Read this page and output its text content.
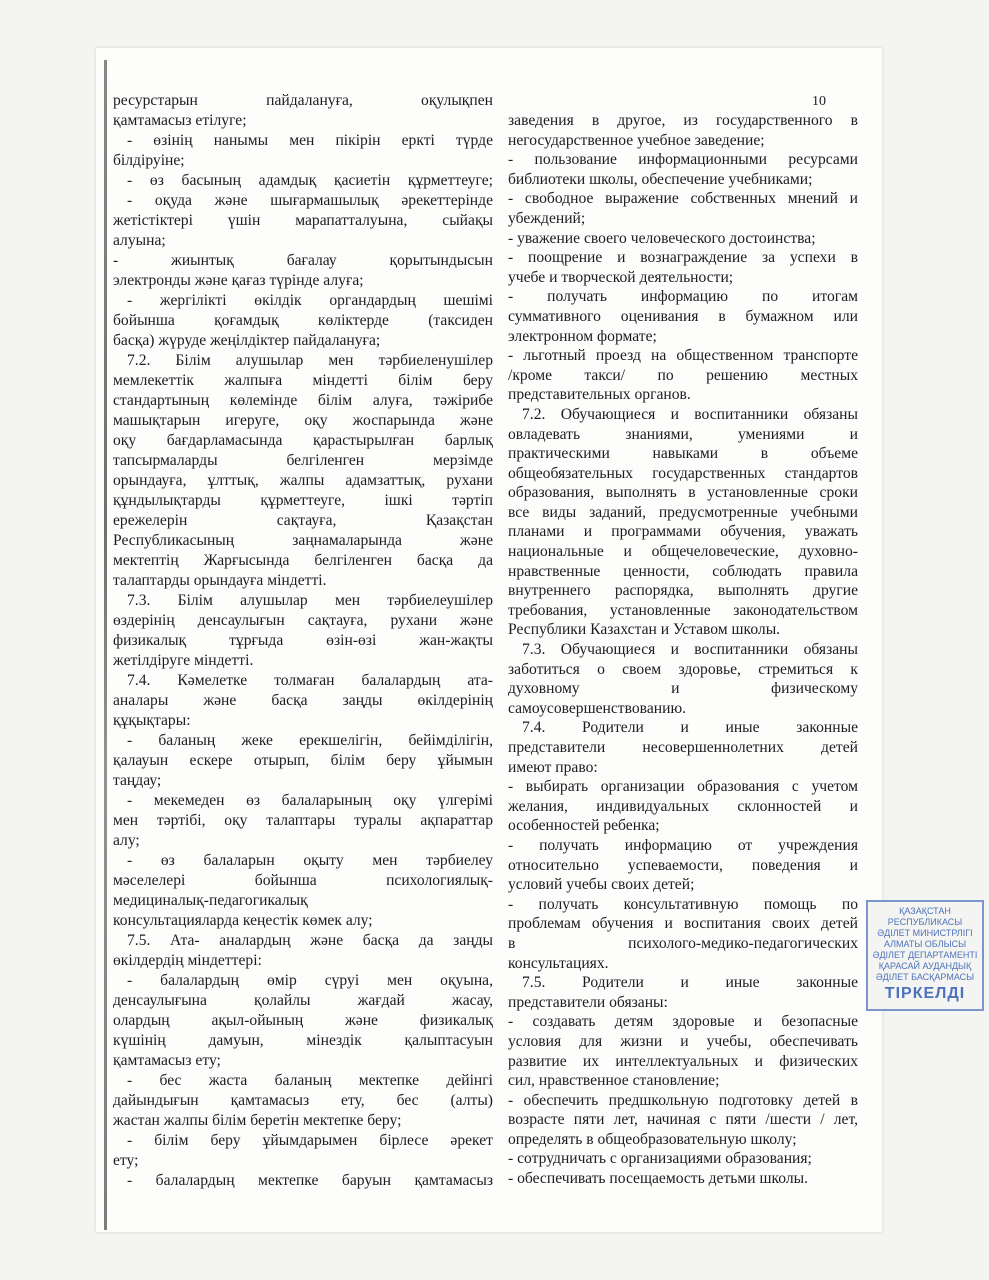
10
ресурстарын пайдалануға, оқулықпен
қамтамасыз етілуге;
- өзінің нанымы мен пікірін еркті түрде
білдіруіне;
- өз басының адамдық қасиетін құрметтеуге;
- оқуда және шығармашылық әрекеттерінде
жетістіктері үшін марапатталуына, сыйақы
алуына;
- жиынтық бағалау қорытындысын
электронды және қағаз түрінде алуға;
- жергілікті өкілдік органдардың шешімі
бойынша қоғамдық көліктерде (таксиден
басқа) жүруде жеңілдіктер пайдалануға;
7.2. Білім алушылар мен тәрбиеленушілер
мемлекеттік жалпыға міндетті білім беру
стандартының көлемінде білім алуға, тәжірибе
машықтарын игеруге, оқу жоспарында және
оқу бағдарламасында қарастырылған барлық
тапсырмаларды белгіленген мерзімде
орындауға, ұлттық, жалпы адамзаттық, рухани
құндылықтарды құрметтеуге, ішкі тәртіп
ережелерін сақтауға, Қазақстан
Республикасының заңнамаларында және
мектептің Жарғысында белгіленген басқа да
талаптарды орындауға міндетті.
7.3. Білім алушылар мен тәрбиелеушілер
өздерінің денсаулығын сақтауға, рухани және
физикалық тұрғыда өзін-өзі жан-жақты
жетілдіруге міндетті.
7.4. Кәмелетке толмаған балалардың ата-
аналары және басқа заңды өкілдерінің
құқықтары:
- баланың жеке ерекшелігін, бейімділігін,
қалауын ескере отырып, білім беру ұйымын
таңдау;
- мекемеден өз балаларының оқу үлгерімі
мен тәртібі, оқу талаптары туралы ақпараттар
алу;
- өз балаларын оқыту мен тәрбиелеу
мәселелері бойынша психологиялық-
медициналық-педагогикалық
консультацияларда кеңестік көмек алу;
7.5. Ата- аналардың және басқа да заңды
өкілдердің міндеттері:
- балалардың өмір сүруі мен оқуына,
денсаулығына қолайлы жағдай жасау,
олардың ақыл-ойының және физикалық
күшінің дамуын, мінездік қалыптасуын
қамтамасыз ету;
- бес жаста баланың мектепке дейінгі
дайындығын қамтамасыз ету, бес (алты)
жастан жалпы білім беретін мектепке беру;
- білім беру ұйымдарымен бірлесе әрекет
ету;
- балалардың мектепке баруын қамтамасыз
заведения в другое, из государственного в
негосударственное учебное заведение;
- пользование информационными ресурсами
библиотеки школы, обеспечение учебниками;
- свободное выражение собственных мнений и
убеждений;
- уважение своего человеческого достоинства;
- поощрение и вознаграждение за успехи в
учебе и творческой деятельности;
- получать информацию по итогам
суммативного оценивания в бумажном или
электронном формате;
- льготный проезд на общественном транспорте
/кроме такси/ по решению местных
представительных органов.
7.2. Обучающиеся и воспитанники обязаны
овладевать знаниями, умениями и
практическими навыками в объеме
общеобязательных государственных стандартов
образования, выполнять в установленные сроки
все виды заданий, предусмотренные учебными
планами и программами обучения, уважать
национальные и общечеловеческие, духовно-
нравственные ценности, соблюдать правила
внутреннего распорядка, выполнять другие
требования, установленные законодательством
Республики Казахстан и Уставом школы.
7.3. Обучающиеся и воспитанники обязаны
заботиться о своем здоровье, стремиться к
духовному и физическому
самоусовершенствованию.
7.4. Родители и иные законные
представители несовершеннолетних детей
имеют право:
- выбирать организации образования с учетом
желания, индивидуальных склонностей и
особенностей ребенка;
- получать информацию от учреждения
относительно успеваемости, поведения и
условий учебы своих детей;
- получать консультативную помощь по
проблемам обучения и воспитания своих детей
в психолого-медико-педагогических
консультациях.
7.5. Родители и иные законные
представители обязаны:
- создавать детям здоровые и безопасные
условия для жизни и учебы, обеспечивать
развитие их интеллектуальных и физических
сил, нравственное становление;
- обеспечить предшкольную подготовку детей в
возрасте пяти лет, начиная с пяти /шести / лет,
определять в общеобразовательную школу;
- сотрудничать с организациями образования;
- обеспечивать посещаемость детьми школы.
ҚАЗАҚСТАН РЕСПУБЛИКАСЫ
ӘДІЛЕТ МИНИСТРЛІГІ
АЛМАТЫ ОБЛЫСЫ ӘДІЛЕТ ДЕПАРТАМЕНТІ
ҚАРАСАЙ АУДАНДЫҚ ӘДІЛЕТ БАСҚАРМАСЫ
ТІРКЕЛДІ
